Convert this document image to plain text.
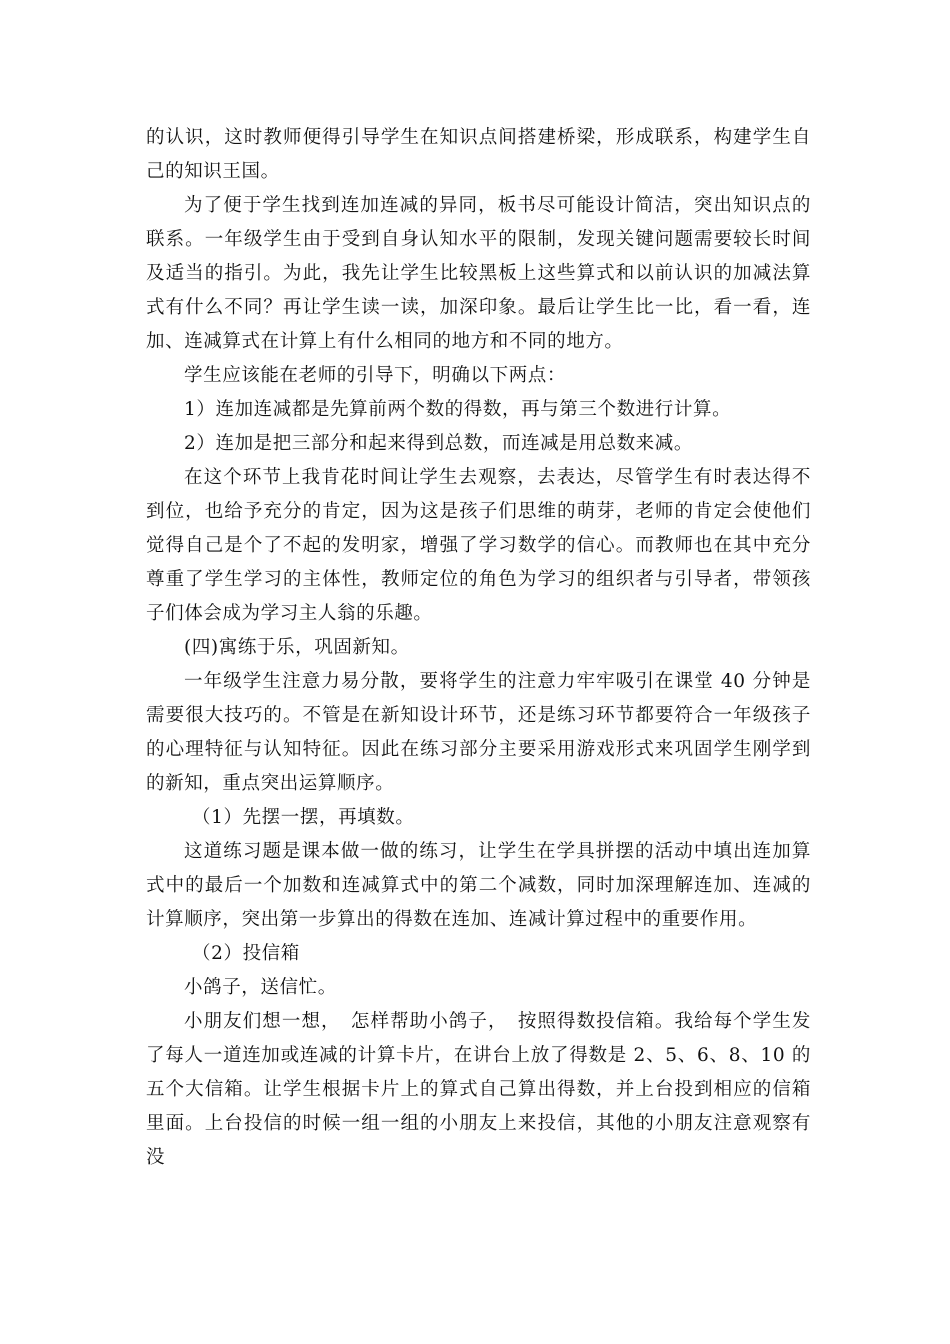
的认识，这时教师便得引导学生在知识点间搭建桥梁，形成联系，构建学生自己的知识王国。

为了便于学生找到连加连减的异同，板书尽可能设计简洁，突出知识点的联系。一年级学生由于受到自身认知水平的限制，发现关键问题需要较长时间及适当的指引。为此，我先让学生比较黑板上这些算式和以前认识的加减法算式有什么不同？再让学生读一读，加深印象。最后让学生比一比，看一看，连加、连减算式在计算上有什么相同的地方和不同的地方。

学生应该能在老师的引导下，明确以下两点：

1）连加连减都是先算前两个数的得数，再与第三个数进行计算。

2）连加是把三部分和起来得到总数，而连减是用总数来减。

在这个环节上我肯花时间让学生去观察，去表达，尽管学生有时表达得不到位，也给予充分的肯定，因为这是孩子们思维的萌芽，老师的肯定会使他们觉得自己是个了不起的发明家，增强了学习数学的信心。而教师也在其中充分尊重了学生学习的主体性，教师定位的角色为学习的组织者与引导者，带领孩子们体会成为学习主人翁的乐趣。

(四)寓练于乐，巩固新知。

一年级学生注意力易分散，要将学生的注意力牢牢吸引在课堂 40 分钟是需要很大技巧的。不管是在新知设计环节，还是练习环节都要符合一年级孩子的心理特征与认知特征。因此在练习部分主要采用游戏形式来巩固学生刚学到的新知，重点突出运算顺序。

（1）先摆一摆，再填数。

这道练习题是课本做一做的练习，让学生在学具拼摆的活动中填出连加算式中的最后一个加数和连减算式中的第二个减数，同时加深理解连加、连减的计算顺序，突出第一步算出的得数在连加、连减计算过程中的重要作用。

（2）投信箱

小鸽子，送信忙。

小朋友们想一想，　怎样帮助小鸽子，　按照得数投信箱。我给每个学生发了每人一道连加或连减的计算卡片，在讲台上放了得数是 2、5、6、8、10 的五个大信箱。让学生根据卡片上的算式自己算出得数，并上台投到相应的信箱里面。上台投信的时候一组一组的小朋友上来投信，其他的小朋友注意观察有没
